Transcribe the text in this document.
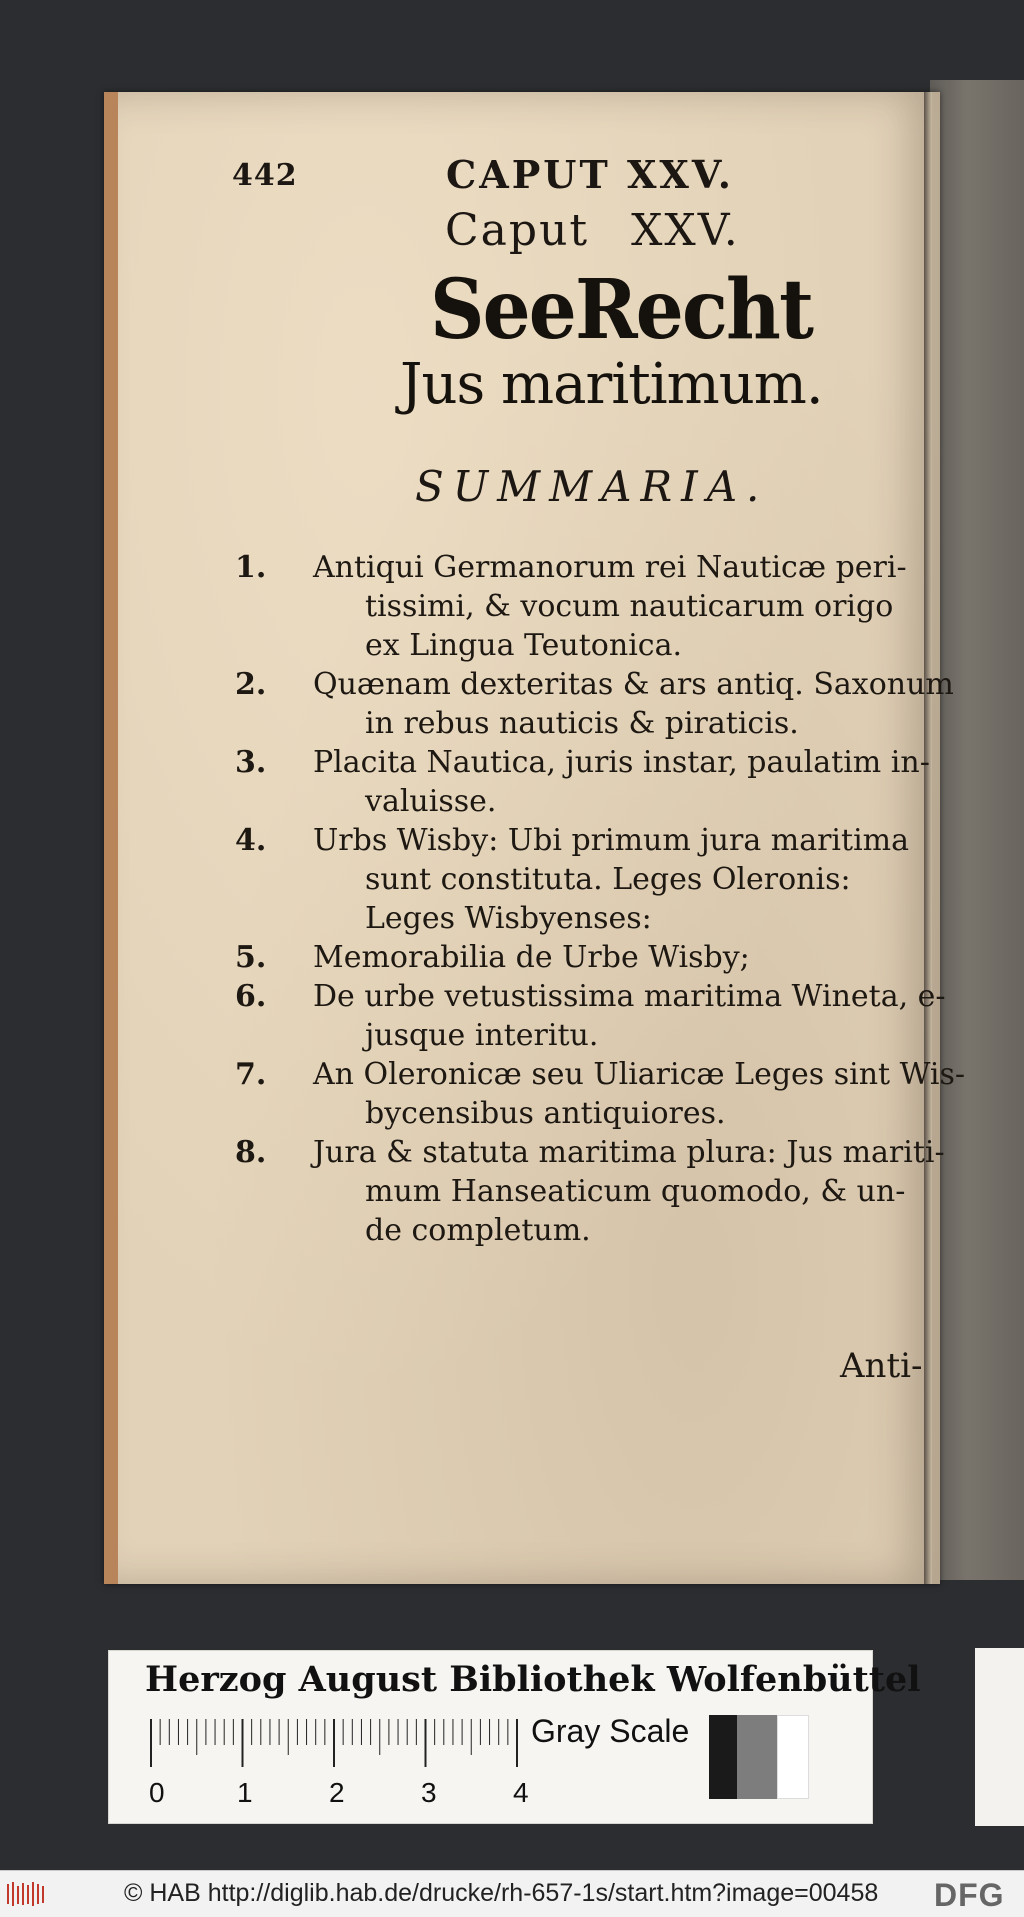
442	CAPUT XXV.
Caput XXV.
SeeRecht
Jus maritimum.
SUMMARIA.
1.	Antiqui Germanorum rei Nauticæ peri-
tissimi, & vocum nauticarum origo
ex Lingua Teutonica.
2.	Quænam dexteritas & ars antiq. Saxonum
in rebus nauticis & piraticis.
3.	Placita Nautica, juris instar, paulatim in-
valuisse.
4.	Urbs Wisby: Ubi primum jura maritima
sunt constituta. Leges Oleronis:
Leges Wisbyenses:
5.	Memorabilia de Urbe Wisby;
6.	De urbe vetustissima maritima Wineta, e-
jusque interitu.
7.	An Oleronicæ seu Uliaricæ Leges sint Wis-
bycensibus antiquiores.
8.	Jura & statuta maritima plura: Jus mariti-
mum Hanseaticum quomodo, & un-
de completum.
Anti-
Herzog August Bibliothek Wolfenbüttel
Gray Scale
0	1	2	3	4
© HAB http://diglib.hab.de/drucke/rh-657-1s/start.htm?image=00458 DFG
